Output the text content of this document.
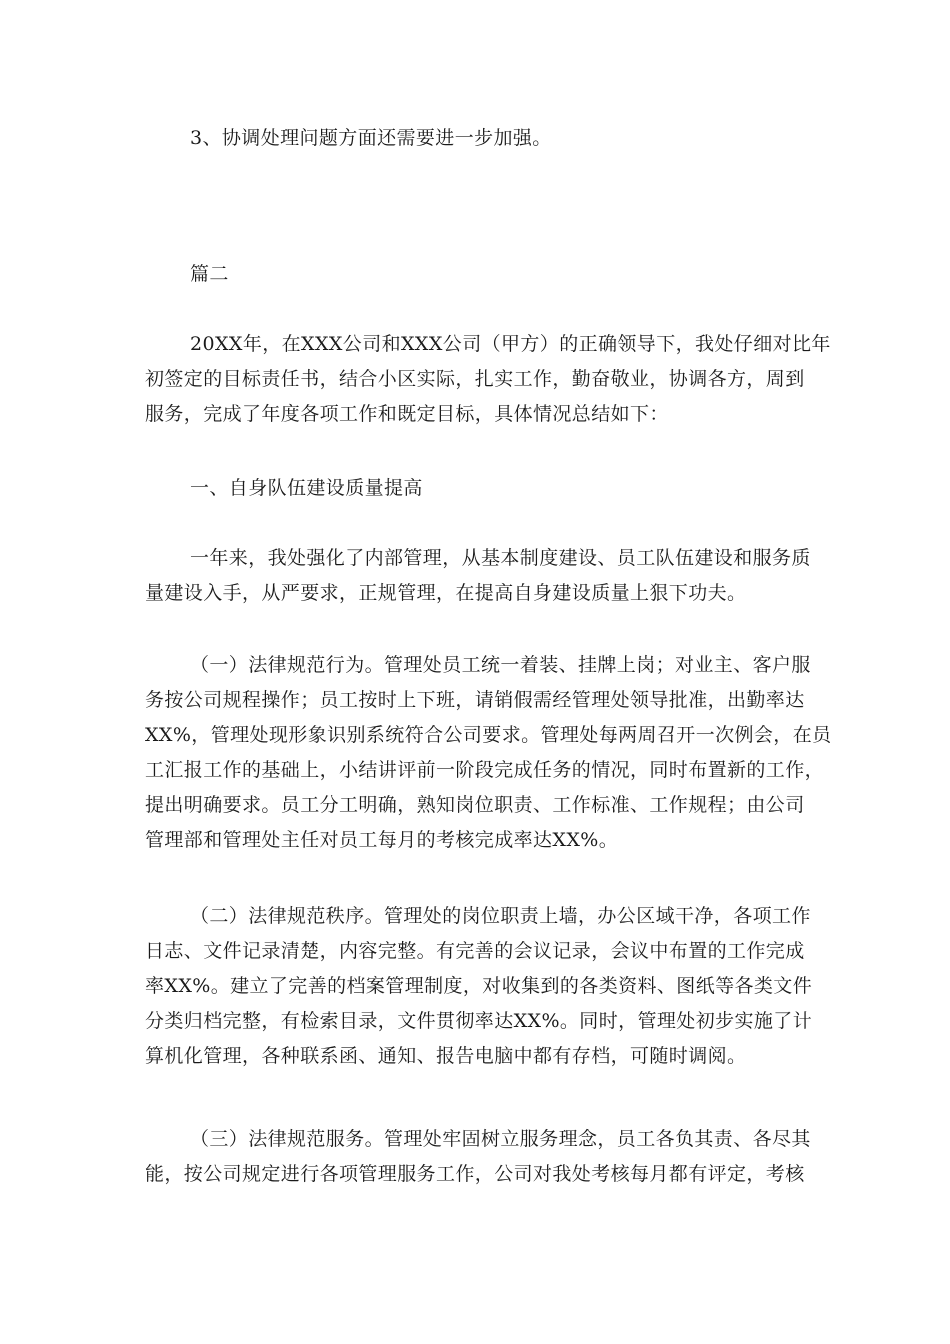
3、协调处理问题方面还需要进一步加强。

篇二

20XX年，在XXX公司和XXX公司（甲方）的正确领导下，我处仔细对比年
初签定的目标责任书，结合小区实际，扎实工作，勤奋敬业，协调各方，周到
服务，完成了年度各项工作和既定目标，具体情况总结如下：

一、自身队伍建设质量提高

一年来，我处强化了内部管理，从基本制度建设、员工队伍建设和服务质
量建设入手，从严要求，正规管理，在提高自身建设质量上狠下功夫。

（一）法律规范行为。管理处员工统一着装、挂牌上岗；对业主、客户服
务按公司规程操作；员工按时上下班，请销假需经管理处领导批准，出勤率达
XX%，管理处现形象识别系统符合公司要求。管理处每两周召开一次例会，在员
工汇报工作的基础上，小结讲评前一阶段完成任务的情况，同时布置新的工作，
提出明确要求。员工分工明确，熟知岗位职责、工作标准、工作规程；由公司
管理部和管理处主任对员工每月的考核完成率达XX%。

（二）法律规范秩序。管理处的岗位职责上墙，办公区域干净，各项工作
日志、文件记录清楚，内容完整。有完善的会议记录，会议中布置的工作完成
率XX%。建立了完善的档案管理制度，对收集到的各类资料、图纸等各类文件
分类归档完整，有检索目录，文件贯彻率达XX%。同时，管理处初步实施了计
算机化管理，各种联系函、通知、报告电脑中都有存档，可随时调阅。

（三）法律规范服务。管理处牢固树立服务理念，员工各负其责、各尽其
能，按公司规定进行各项管理服务工作，公司对我处考核每月都有评定，考核
